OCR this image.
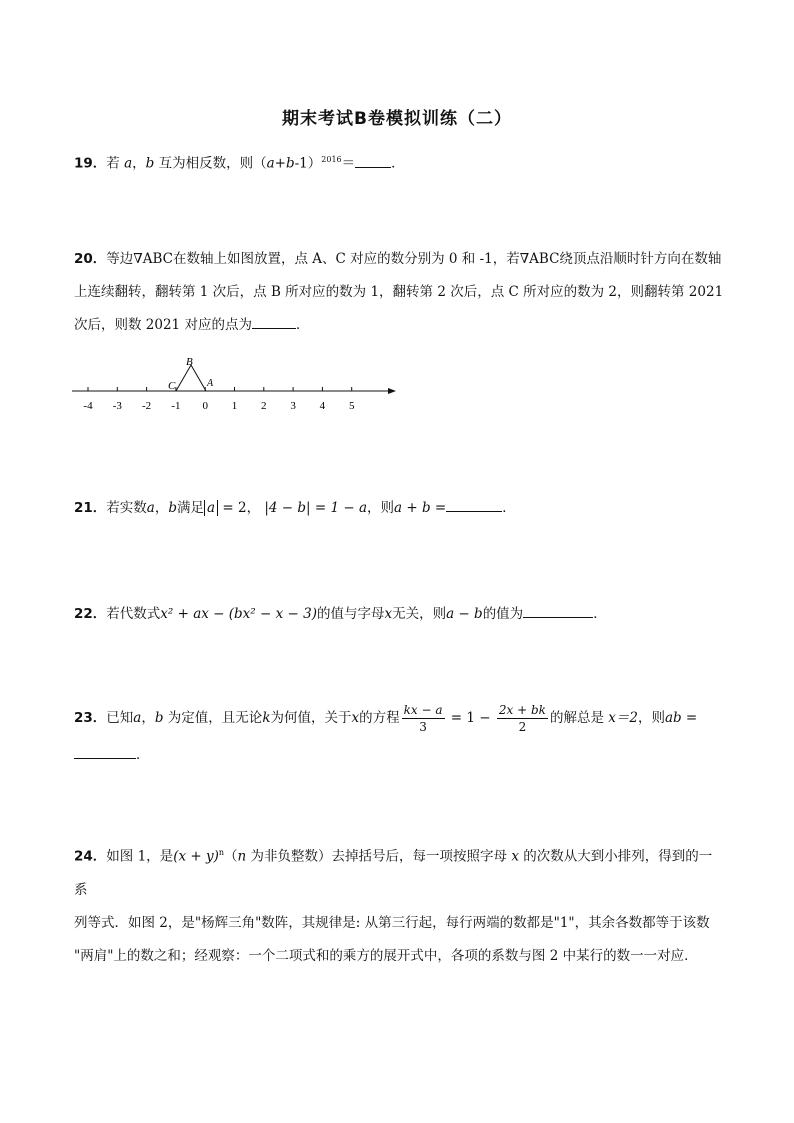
期末考试B卷模拟训练（二）
19．若 a，b 互为相反数，则$(a+b-1)^{2016}=$	．
20．等边∇ABC在数轴上如图放置，点 A、C 对应的数分别为 0 和 -1，若∇ABC绕顶点沿顺时针方向在数轴
上连续翻转，翻转第 1 次后，点 B 所对应的数为 1，翻转第 2 次后，点 C 所对应的数为 2，则翻转第 2021
次后，则数 2021 对应的点为	．
-4 -3 -2 -1 0 1 2 3 4 5
B
C	A
21．若实数a，b满足 a = 2， |4 − b| = 1 − a，则a + b =	．
22．若代数式x² + ax − (bx² − x − 3)的值与字母x无关，则a − b的值为	．
23．已知a，b 为定值，且无论k为何值，关于x的方程 $\frac{kx - a}{3} = 1 - \frac{2x + bk}{2}$ 的解总是 x＝2，则ab =
．
24．如图 1，是$(x + y)^n(n$ 为非负整数）去掉括号后，每一项按照字母 x 的次数从大到小排列，得到的一系
列等式．如图 2，是"杨辉三角"数阵，其规律是: 从第三行起，每行两端的数都是"1"，其余各数都等于该数
"两肩"上的数之和；经观察：一个二项式和的乘方的展开式中，各项的系数与图 2 中某行的数一一对应．
